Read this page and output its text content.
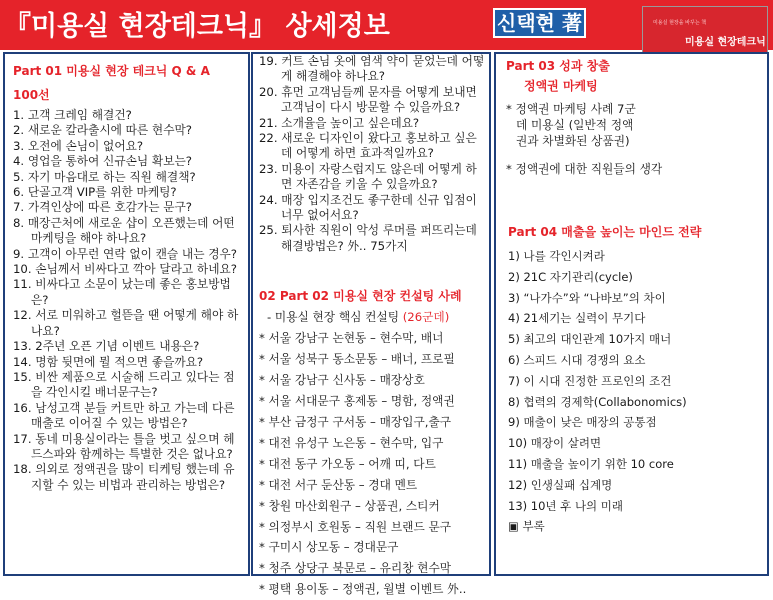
『미용실 현장테크닉』 상세정보	신택현 著	미용실 현장을 바꾸는 책
미용실 현장테크닉
Part 01 미용실 현장 테크닉 Q & A
100선
1. 고객 크레임 해결건?
2. 새로운 칼라출시에 따른 현수막?
3. 오전에 손님이 없어요?
4. 영업을 통하여 신규손님 확보는?
5. 자기 마음대로 하는 직원 해결책?
6. 단골고객 VIP를 위한 마케팅?
7. 가격인상에 따른 호감가는 문구?
8. 매장근처에 새로운 샵이 오픈했는데 어떤 마케팅을 해야 하나요?
9. 고객이 아무런 연락 없이 캔슬 내는 경우?
10. 손님께서 비싸다고 깍아 달라고 하네요?
11. 비싸다고 소문이 났는데 좋은 홍보방법은?
12. 서로 미워하고 헐뜯을 땐 어떻게 해야 하나요?
13. 2주년 오픈 기념 이벤트 내용은?
14. 명함 뒷면에 뭘 적으면 좋을까요?
15. 비싼 제품으로 시술해 드리고 있다는 점을 각인시킬 배너문구는?
16. 남성고객 분들 커트만 하고 가는데 다른 매출로 이어질 수 있는 방법은?
17. 동네 미용실이라는 틀을 벗고 싶으며 헤드스파와 함께하는 특별한 것은 없나요?
18. 의외로 정액권을 많이 티케팅 했는데 유지할 수 있는 비법과 관리하는 방법은?
19. 커트 손님 옷에 염색 약이 묻었는데 어떻게 해결해야 하나요?
20. 휴먼 고객님들께 문자를 어떻게 보내면 고객님이 다시 방문할 수 있을까요?
21. 소개율을 높이고 싶은데요?
22. 새로운 디자인이 왔다고 홍보하고 싶은데 어떻게 하면 효과적일까요?
23. 미용이 자랑스럽지도 않은데 어떻게 하면 자존감을 키울 수 있을까요?
24. 매장 입지조건도 좋구한데 신규 입점이 너무 없어서요?
25. 퇴사한 직원이 악성 루머를 퍼뜨리는데 해결방법은? 外.. 75가지
02 Part 02 미용실 현장 컨설팅 사례
- 미용실 현장 핵심 컨설팅 (26군데)
* 서울 강남구 논현동 – 현수막, 배너
* 서울 성북구 동소문동 – 배너, 프로필
* 서울 강남구 신사동 – 매장상호
* 서울 서대문구 홍제동 – 명함, 정액권
* 부산 금정구 구서동 – 매장입구,출구
* 대전 유성구 노은동 – 현수막, 입구
* 대전 동구 가오동 – 어깨 띠, 다트
* 대전 서구 둔산동 – 경대 멘트
* 창원 마산회원구 – 상품권, 스티커
* 의정부시 호원동 – 직원 브랜드 문구
* 구미시 상모동 – 경대문구
* 청주 상당구 북문로 – 유리창 현수막
* 평택 용이동 – 정액권, 월별 이벤트 外..
Part 03 성과 창출
정액권 마케팅
* 정액권 마케팅 사례 7군데 미용실 (일반적 정액권과 차별화된 상품권)
* 정액권에 대한 직원들의 생각
Part 04 매출을 높이는 마인드 전략
1) 나를 각인시켜라
2) 21C 자기관리(cycle)
3) “나가수”와 “나바보”의 차이
4) 21세기는 실력이 무기다
5) 최고의 대인관계 10가지 매너
6) 스피드 시대 경쟁의 요소
7) 이 시대 진정한 프로인의 조건
8) 협력의 경제학(Collabonomics)
9) 매출이 낮은 매장의 공통점
10) 매장이 살려면
11) 매출을 높이기 위한 10 core
12) 인생실패 십계명
13) 10년 후 나의 미래
▣ 부록
